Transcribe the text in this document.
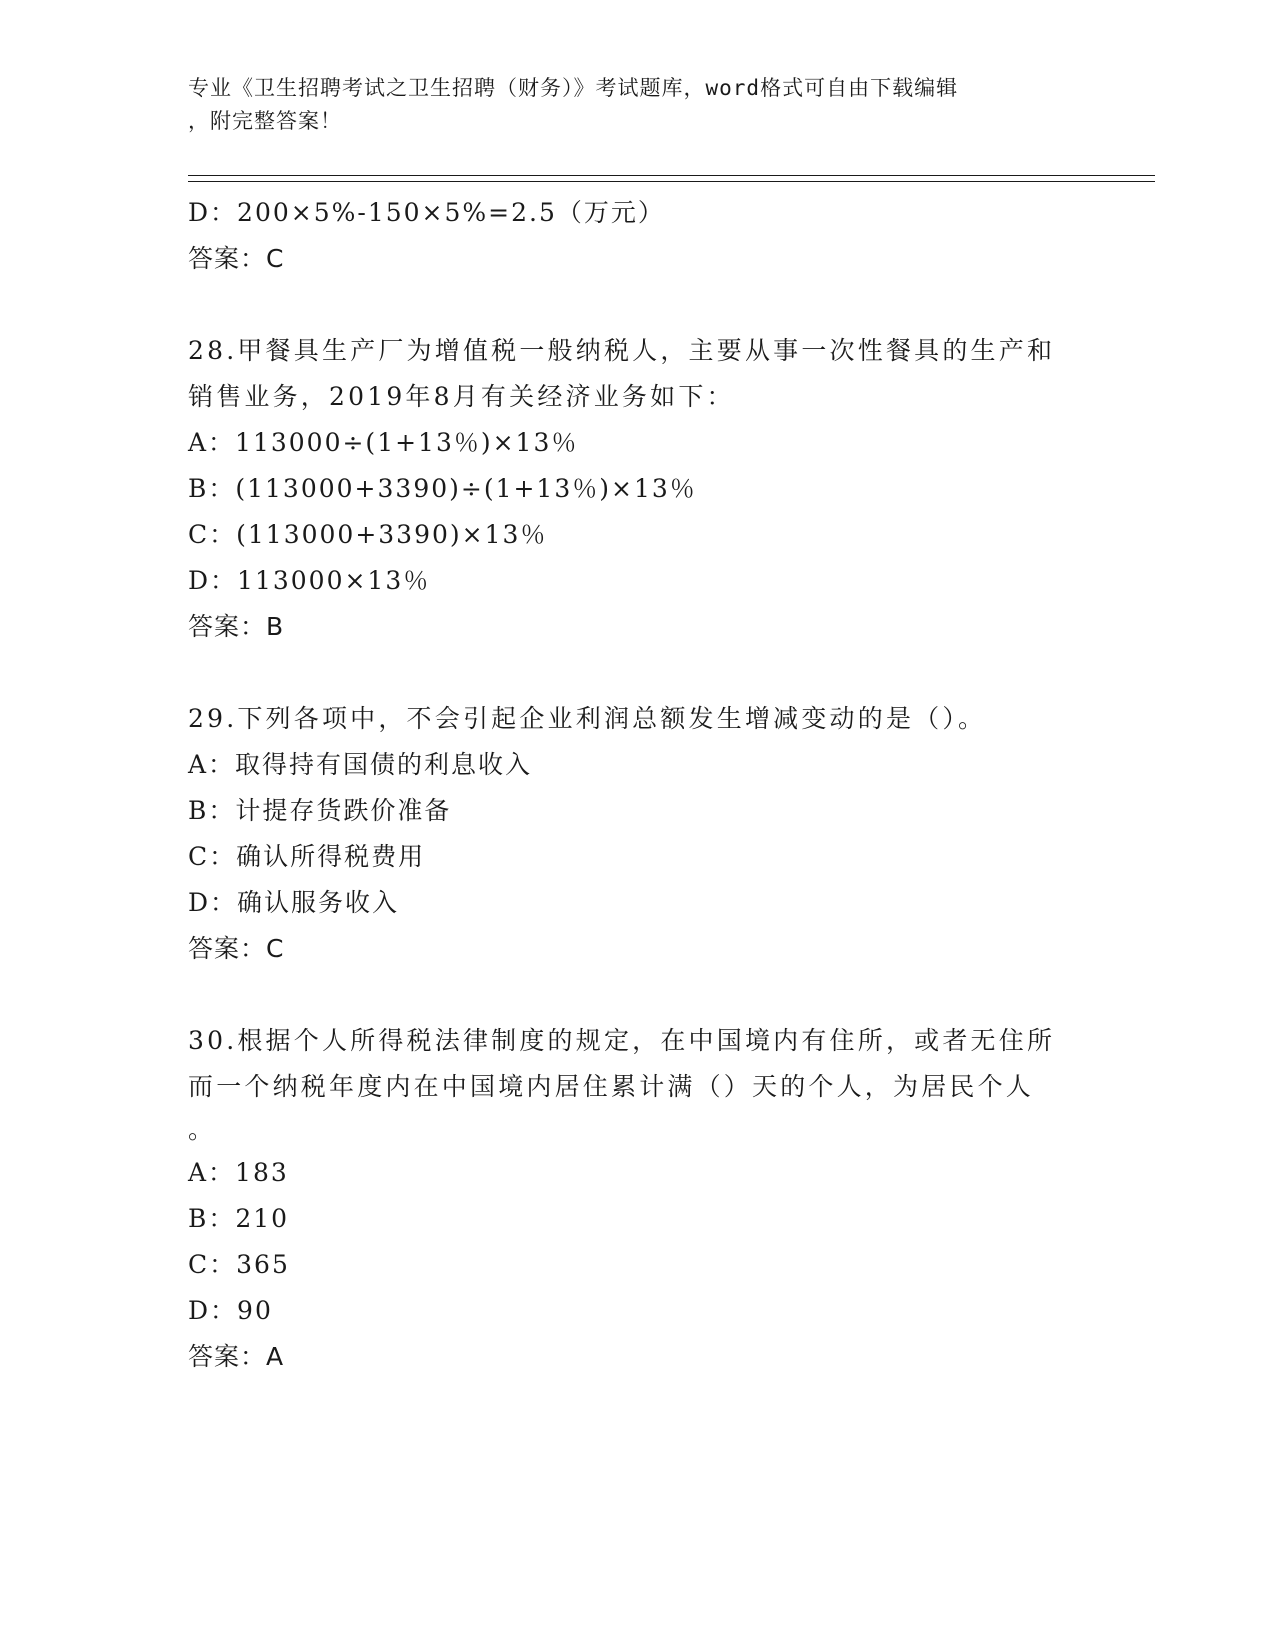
专业《卫生招聘考试之卫生招聘（财务）》考试题库，word格式可自由下载编辑
，附完整答案！
D：200×5%-150×5%=2.5（万元）
答案：C
28.甲餐具生产厂为增值税一般纳税人，主要从事一次性餐具的生产和
销售业务，2019年8月有关经济业务如下：
A：113000÷(1+13％)×13％
B：(113000+3390)÷(1+13％)×13％
C：(113000+3390)×13％
D：113000×13％
答案：B
29.下列各项中，不会引起企业利润总额发生增减变动的是（）。
A：取得持有国债的利息收入
B：计提存货跌价准备
C：确认所得税费用
D：确认服务收入
答案：C
30.根据个人所得税法律制度的规定，在中国境内有住所，或者无住所
而一个纳税年度内在中国境内居住累计满（）天的个人，为居民个人
。
A：183
B：210
C：365
D：90
答案：A
